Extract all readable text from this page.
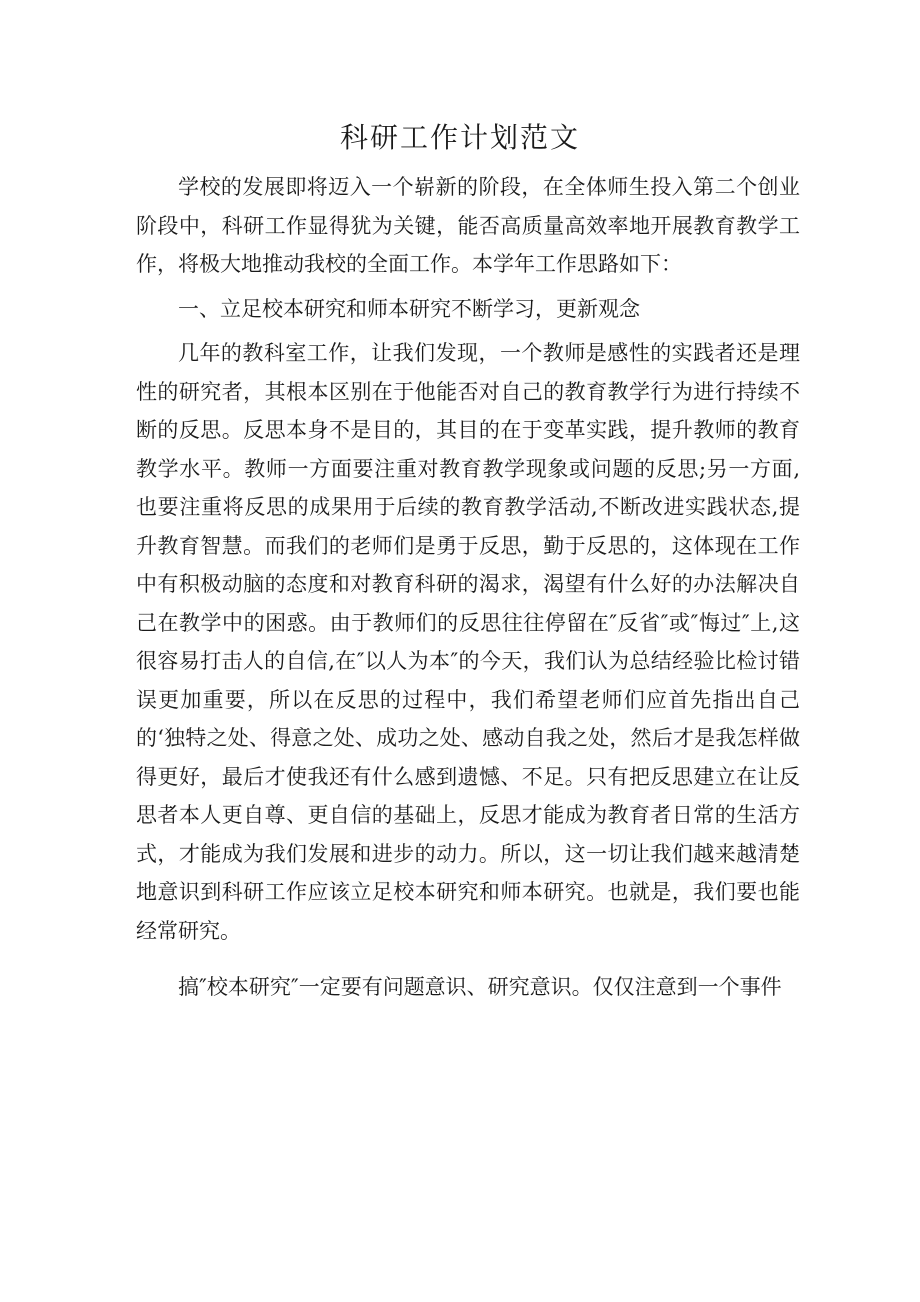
科研工作计划范文

学校的发展即将迈入一个崭新的阶段，在全体师生投入第二个创业阶段中，科研工作显得犹为关键，能否高质量高效率地开展教育教学工作，将极大地推动我校的全面工作。本学年工作思路如下：

一、立足校本研究和师本研究不断学习，更新观念

几年的教科室工作，让我们发现，一个教师是感性的实践者还是理性的研究者，其根本区别在于他能否对自己的教育教学行为进行持续不断的反思。反思本身不是目的，其目的在于变革实践，提升教师的教育教学水平。教师一方面要注重对教育教学现象或问题的反思;另一方面,也要注重将反思的成果用于后续的教育教学活动,不断改进实践状态,提升教育智慧。而我们的老师们是勇于反思，勤于反思的，这体现在工作中有积极动脑的态度和对教育科研的渴求，渴望有什么好的办法解决自己在教学中的困惑。由于教师们的反思往往停留在″反省″或″悔过″上,这很容易打击人的自信,在″以人为本″的今天，我们认为总结经验比检讨错误更加重要，所以在反思的过程中，我们希望老师们应首先指出自己的‘独特之处、得意之处、成功之处、感动自我之处，然后才是我怎样做得更好，最后才使我还有什么感到遗憾、不足。只有把反思建立在让反思者本人更自尊、更自信的基础上，反思才能成为教育者日常的生活方式，才能成为我们发展和进步的动力。所以，这一切让我们越来越清楚地意识到科研工作应该立足校本研究和师本研究。也就是，我们要也能经常研究。

搞″校本研究″一定要有问题意识、研究意识。仅仅注意到一个事件
